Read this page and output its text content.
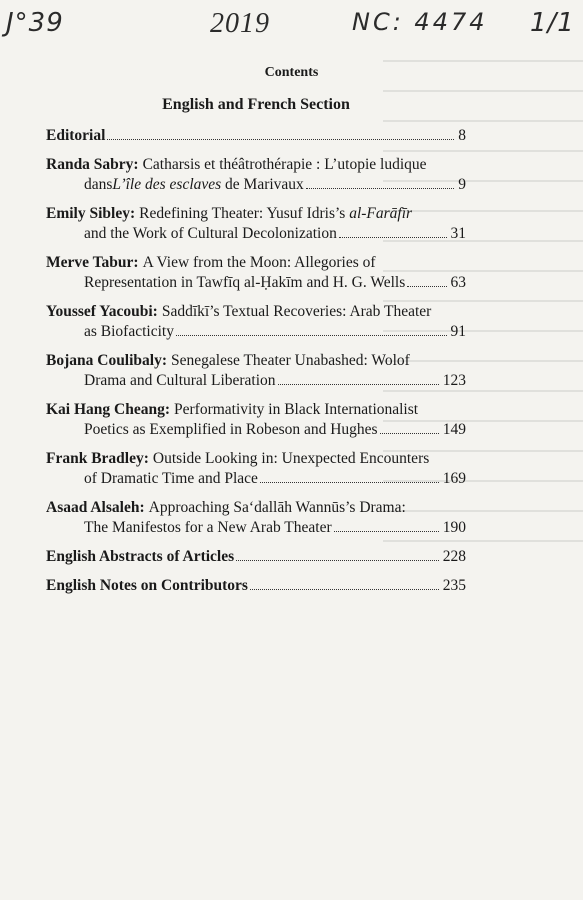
J°39	2019	NC: 4474 1/1
Contents
English and French Section
Editorial	8
Randa Sabry: Catharsis et théâtrothérapie : L’utopie ludique
dans L’île des esclaves de Marivaux	9
Emily Sibley: Redefining Theater: Yusuf Idris’s al-Farāfīr
and the Work of Cultural Decolonization	31
Merve Tabur: A View from the Moon: Allegories of
Representation in Tawfīq al-Ḥakīm and H. G. Wells	63
Youssef Yacoubi: Saddīkī’s Textual Recoveries: Arab Theater
as Biofacticity	91
Bojana Coulibaly: Senegalese Theater Unabashed: Wolof
Drama and Cultural Liberation	123
Kai Hang Cheang: Performativity in Black Internationalist
Poetics as Exemplified in Robeson and Hughes	149
Frank Bradley: Outside Looking in: Unexpected Encounters
of Dramatic Time and Place	169
Asaad Alsaleh: Approaching Sa‘dallāh Wannūs’s Drama:
The Manifestos for a New Arab Theater	190
English Abstracts of Articles	228
English Notes on Contributors	235
